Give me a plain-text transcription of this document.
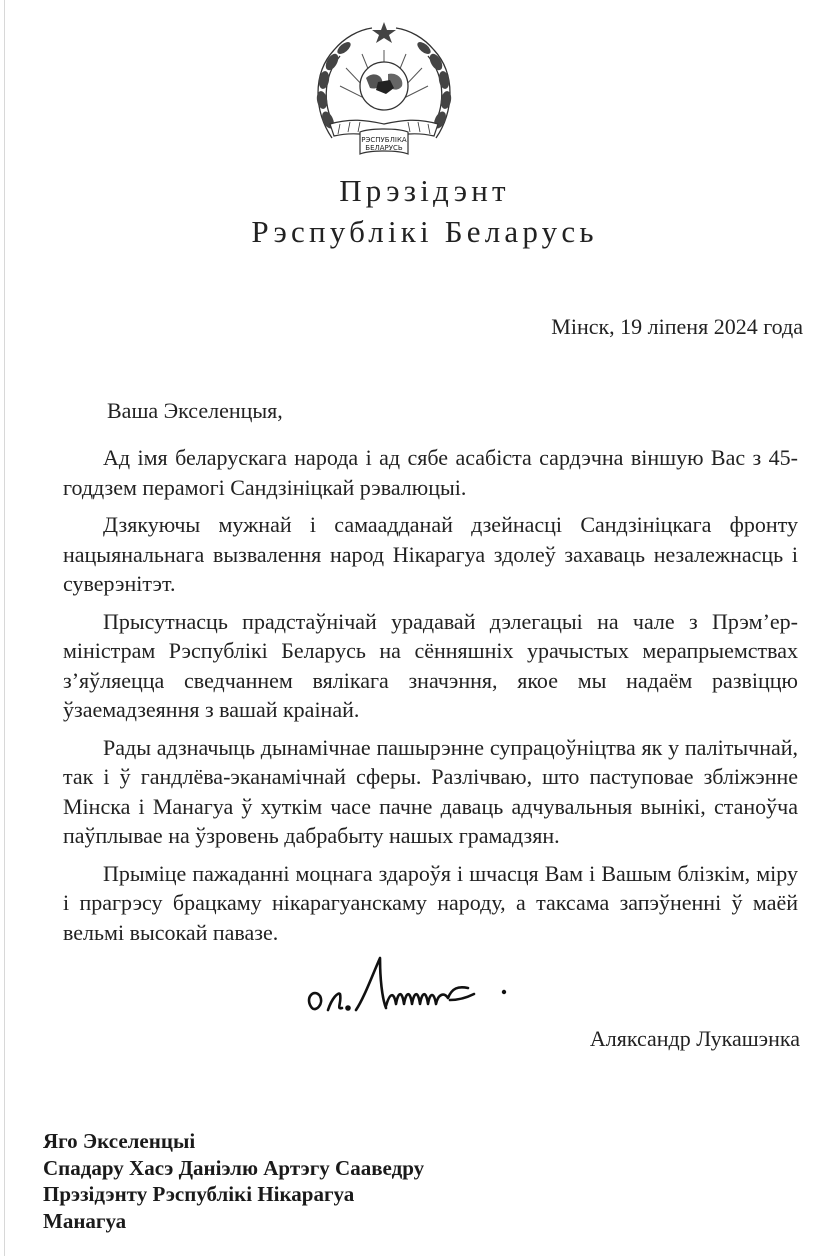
РЭСПУБЛІКА
БЕЛАРУСЬ
Прэзідэнт
Рэспублікі Беларусь
Мінск, 19 ліпеня 2024 года
Ваша Экселенцыя,

Ад імя беларускага народа і ад сябе асабіста сардэчна віншую Вас з 45-годдзем перамогі Сандзініцкай рэвалюцыі.

Дзякуючы мужнай і самаадданай дзейнасці Сандзініцкага фронту нацыянальнага вызвалення народ Нікарагуа здолеў захаваць незалежнасць і суверэнітэт.

Прысутнасць прадстаўнічай урадавай дэлегацыі на чале з Прэм’ер-міністрам Рэспублікі Беларусь на сённяшніх урачыстых мерапрыемствах з’яўляецца сведчаннем вялікага значэння, якое мы надаём развіццю ўзаемадзеяння з вашай краінай.

Рады адзначыць дынамічнае пашырэнне супрацоўніцтва як у палітычнай, так і ў гандлёва-эканамічнай сферы. Разлічваю, што паступовае збліжэнне Мінска і Манагуа ў хуткім часе пачне даваць адчувальныя вынікі, станоўча паўплывае на ўзровень дабрабыту нашых грамадзян.

Прыміце пажаданні моцнага здароўя і шчасця Вам і Вашым блізкім, міру і прагрэсу брацкаму нікарагуанскаму народу, а таксама запэўненні ў маёй вельмі высокай павазе.

Аляксандр Лукашэнка
Яго Экселенцыі
Спадару Хасэ Даніэлю Артэгу Сааведру
Прэзідэнту Рэспублікі Нікарагуа
Манагуа
